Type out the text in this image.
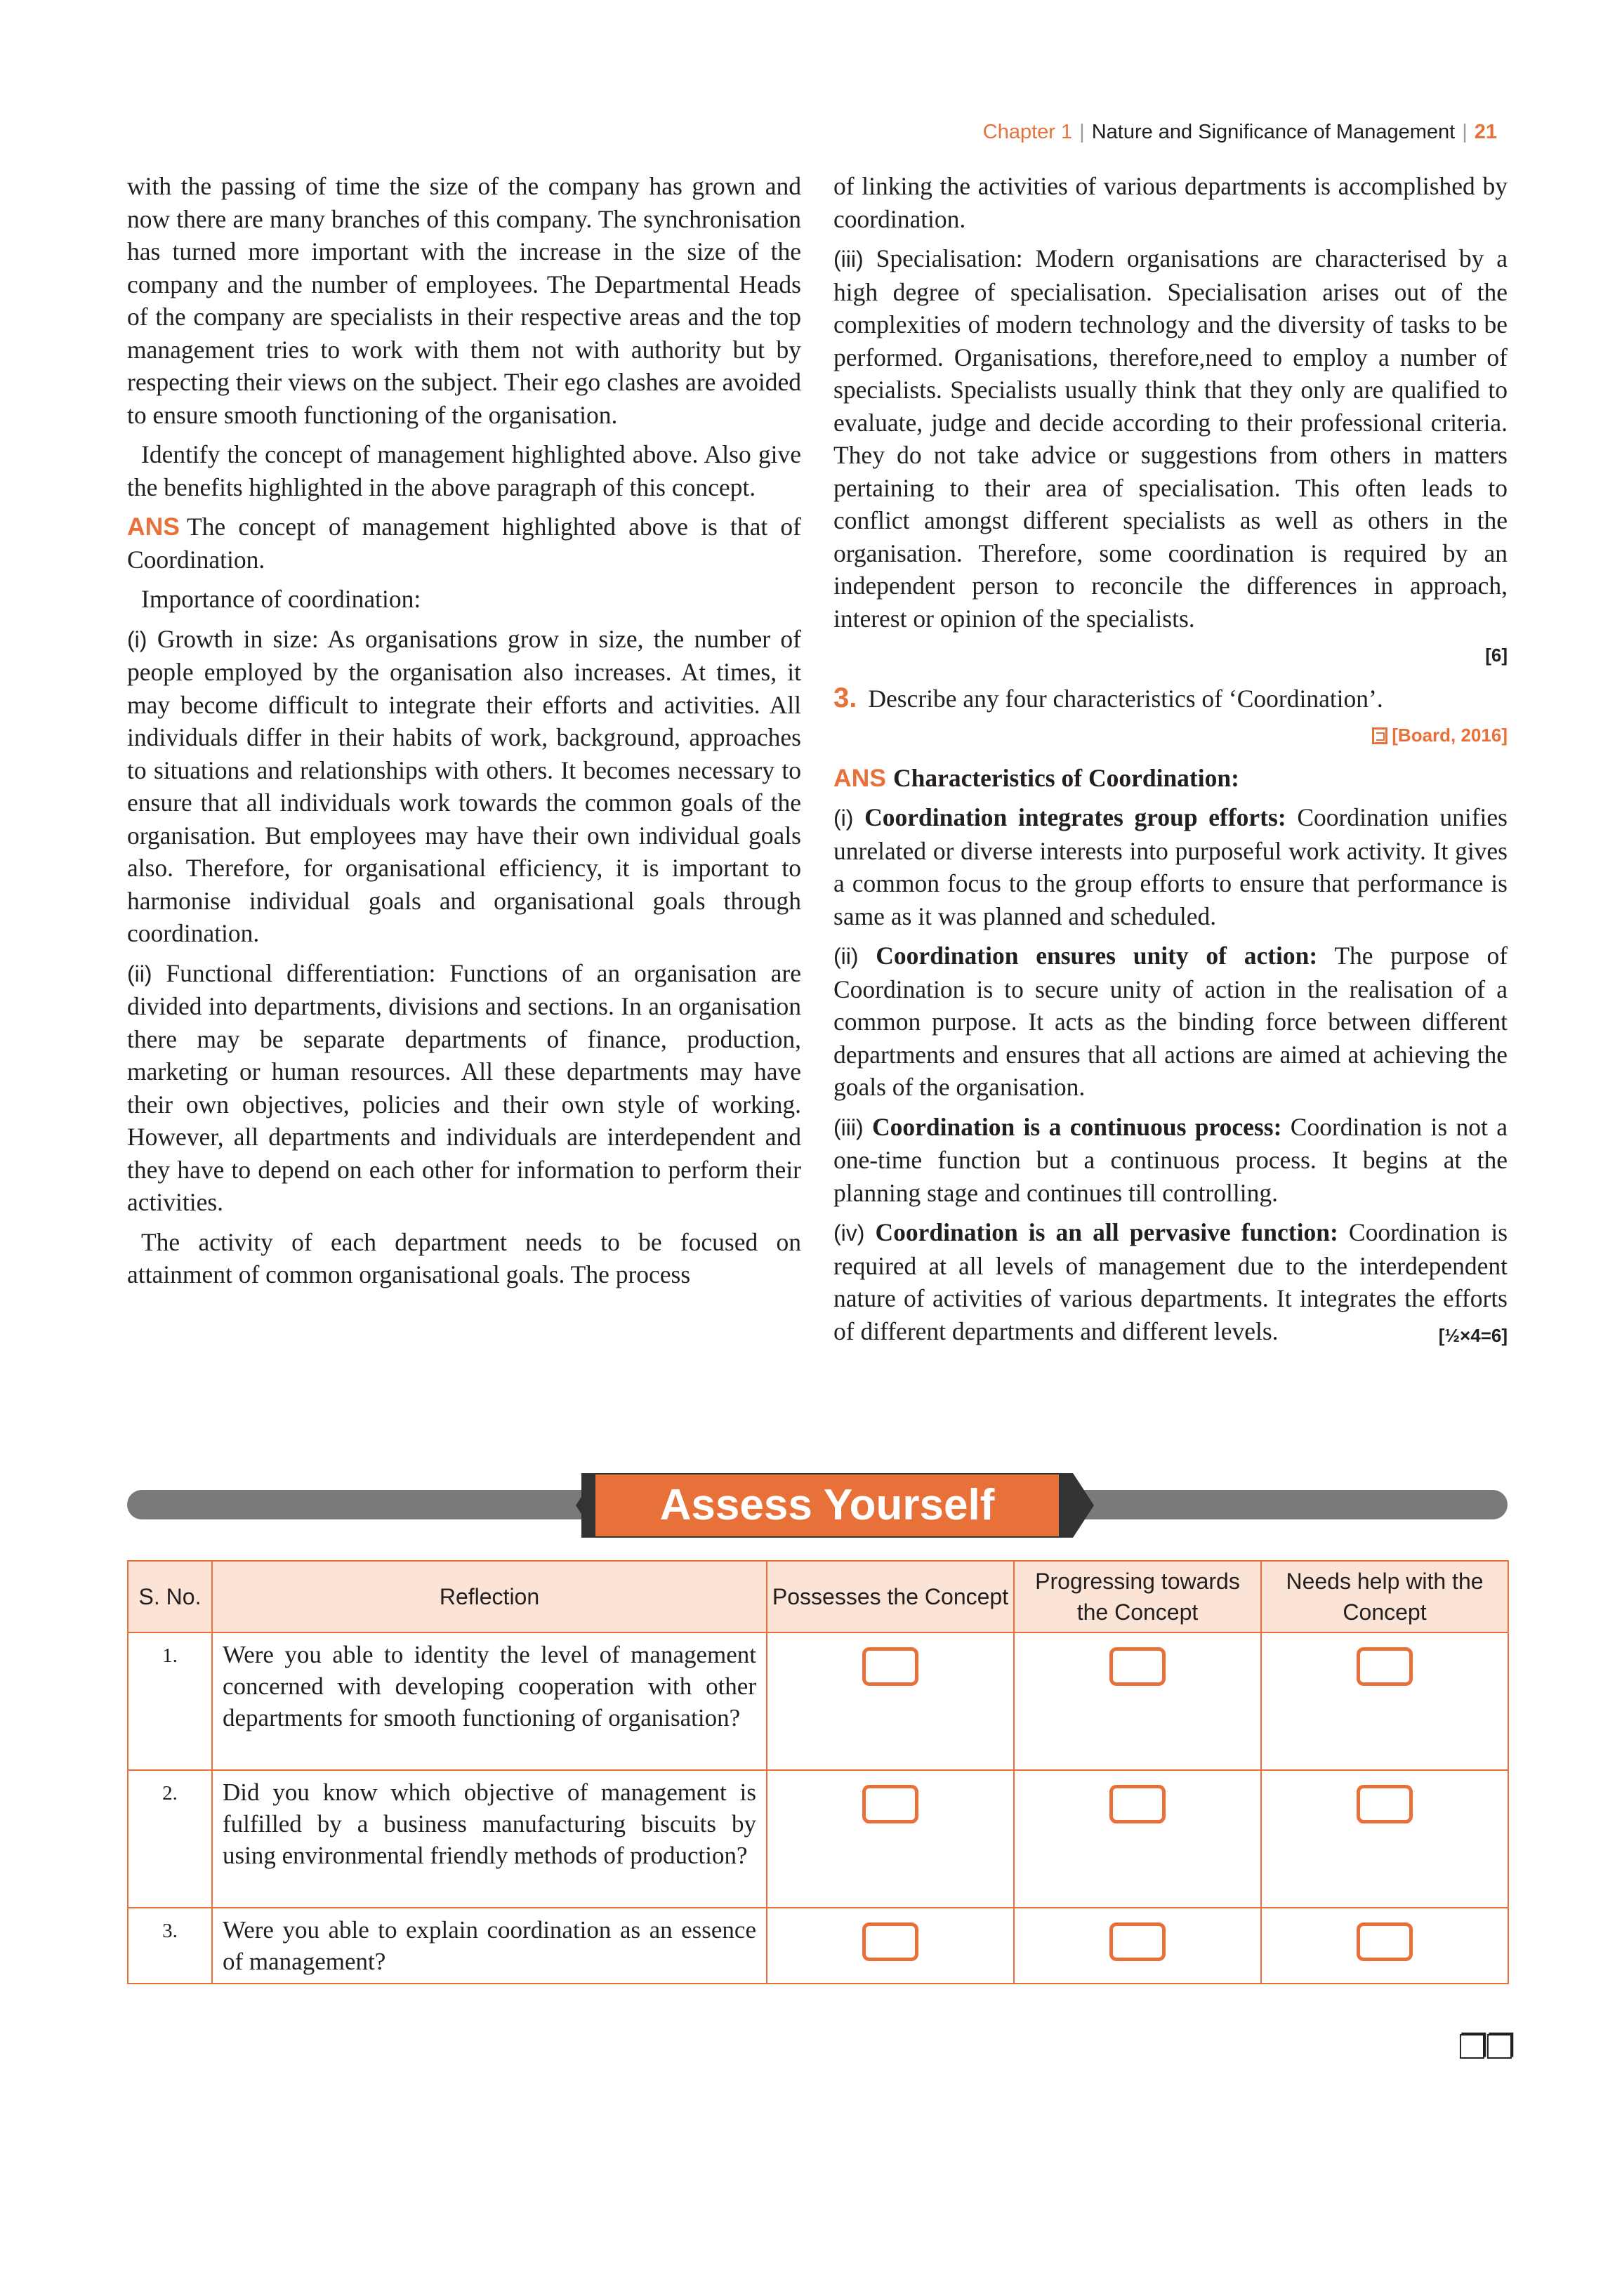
Chapter 1 | Nature and Significance of Management | 21

with the passing of time the size of the company has grown and now there are many branches of this company. The synchronisation has turned more important with the increase in the size of the company and the number of employees. The Departmental Heads of the company are specialists in their respective areas and the top management tries to work with them not with authority but by respecting their views on the subject. Their ego clashes are avoided to ensure smooth functioning of the organisation.

Identify the concept of management highlighted above. Also give the benefits highlighted in the above paragraph of this concept.

ANS The concept of management highlighted above is that of Coordination.

Importance of coordination:

(i) Growth in size: As organisations grow in size, the number of people employed by the organisation also increases. At times, it may become difficult to integrate their efforts and activities. All individuals differ in their habits of work, background, approaches to situations and relationships with others. It becomes necessary to ensure that all individuals work towards the common goals of the organisation. But employees may have their own individual goals also. Therefore, for organisational efficiency, it is important to harmonise individual goals and organisational goals through coordination.

(ii) Functional differentiation: Functions of an organisation are divided into departments, divisions and sections. In an organisation there may be separate departments of finance, production, marketing or human resources. All these departments may have their own objectives, policies and their own style of working. However, all departments and individuals are interdependent and they have to depend on each other for information to perform their activities.

The activity of each department needs to be focused on attainment of common organisational goals. The process

of linking the activities of various departments is accomplished by coordination.

(iii) Specialisation: Modern organisations are characterised by a high degree of specialisation. Specialisation arises out of the complexities of modern technology and the diversity of tasks to be performed. Organisations, therefore,need to employ a number of specialists. Specialists usually think that they only are qualified to evaluate, judge and decide according to their professional criteria. They do not take advice or suggestions from others in matters pertaining to their area of specialisation. This often leads to conflict amongst different specialists as well as others in the organisation. Therefore, some coordination is required by an independent person to reconcile the differences in approach, interest or opinion of the specialists.

[6]

3. Describe any four characteristics of ‘Coordination’.

[Board, 2016]

ANS Characteristics of Coordination:

(i) Coordination integrates group efforts: Coordination unifies unrelated or diverse interests into purposeful work activity. It gives a common focus to the group efforts to ensure that performance is same as it was planned and scheduled.

(ii) Coordination ensures unity of action: The purpose of Coordination is to secure unity of action in the realisation of a common purpose. It acts as the binding force between different departments and ensures that all actions are aimed at achieving the goals of the organisation.

(iii) Coordination is a continuous process: Coordination is not a one-time function but a continuous process. It begins at the planning stage and continues till controlling.

(iv) Coordination is an all pervasive function: Coordination is required at all levels of management due to the interdependent nature of activities of various departments. It integrates the efforts of different departments and different levels.	[½×4=6]

Assess Yourself
S. No.	Reflection	Possesses the Concept	Progressing towards the Concept	Needs help with the Concept
1.	Were you able to identity the level of management concerned with developing cooperation with other departments for smooth functioning of organisation?			
2.	Did you know which objective of management is fulfilled by a business manufacturing biscuits by using environmental friendly methods of production?			
3.	Were you able to explain coordination as an essence of management?			
❐❐
